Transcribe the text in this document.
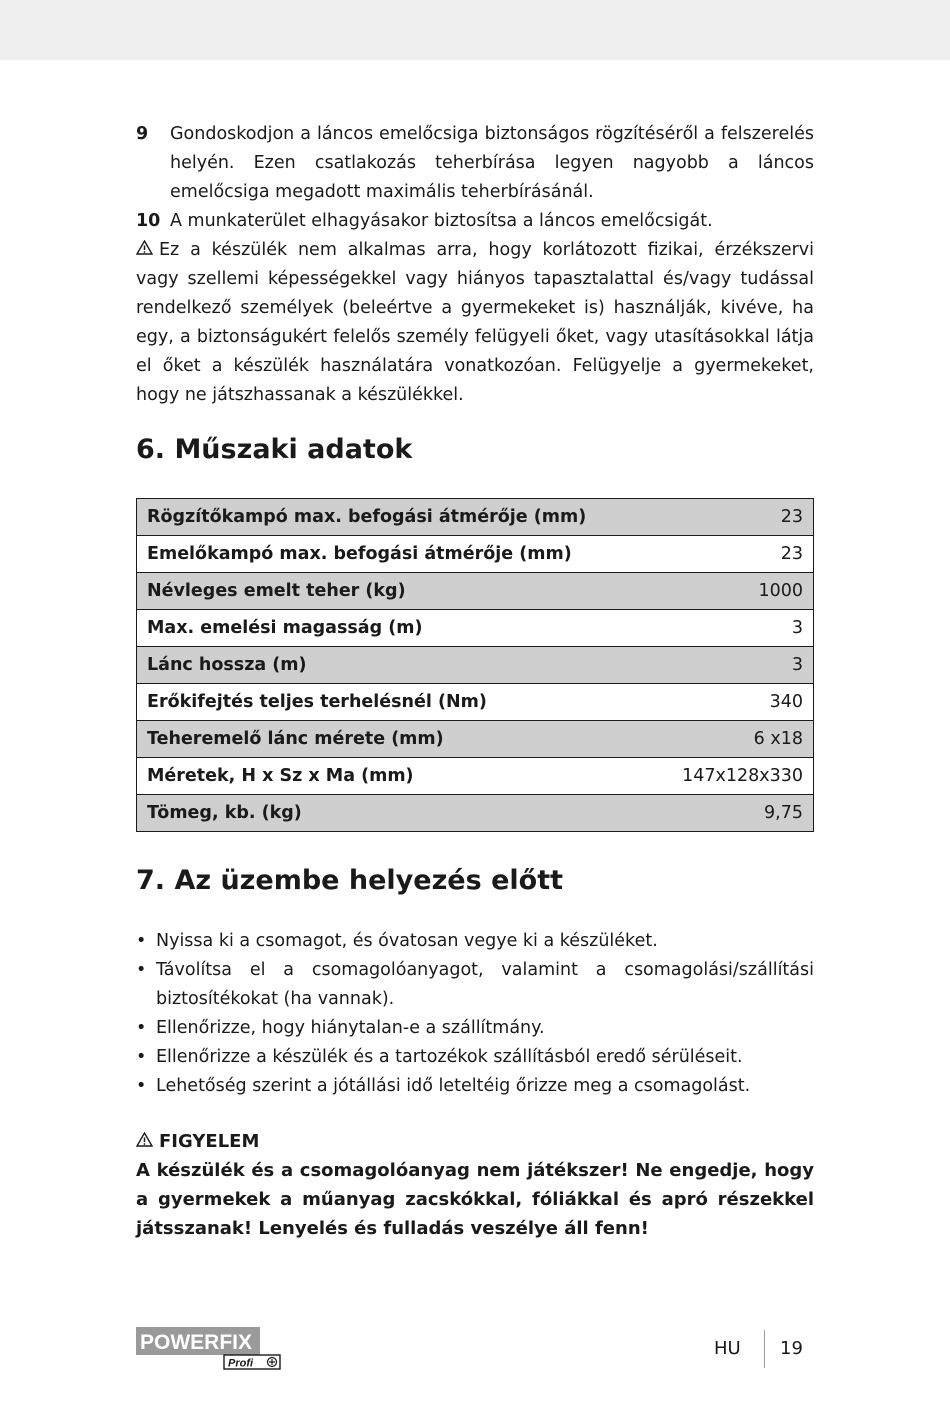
9	Gondoskodjon a láncos emelőcsiga biztonságos rögzítéséről a felszerelés helyén. Ezen csatlakozás teherbírása legyen nagyobb a láncos emelőcsiga megadott maximális teherbírásánál.
10 A munkaterület elhagyásakor biztosítsa a láncos emelőcsigát.
Ez a készülék nem alkalmas arra, hogy korlátozott fizikai, érzékszervi vagy szellemi képességekkel vagy hiányos tapasztalattal és/vagy tudással rendelkező személyek (beleértve a gyermekeket is) használják, kivéve, ha egy, a biztonságukért felelős személy felügyeli őket, vagy utasításokkal látja el őket a készülék használatára vonatkozóan. Felügyelje a gyermekeket, hogy ne játszhassanak a készülékkel.
6. Műszaki adatok
Rögzítőkampó max. befogási átmérője (mm)	23
Emelőkampó max. befogási átmérője (mm)	23
Névleges emelt teher (kg)	1000
Max. emelési magasság (m)	3
Lánc hossza (m)	3
Erőkifejtés teljes terhelésnél (Nm)	340
Teheremelő lánc mérete (mm)	6 x18
Méretek, H x Sz x Ma (mm)	147x128x330
Tömeg, kb. (kg)	9,75
7. Az üzembe helyezés előtt
• Nyissa ki a csomagot, és óvatosan vegye ki a készüléket.
• Távolítsa el a csomagolóanyagot, valamint a csomagolási/szállítási biztosítékokat (ha vannak).
• Ellenőrizze, hogy hiánytalan-e a szállítmány.
• Ellenőrizze a készülék és a tartozékok szállításból eredő sérüléseit.
• Lehetőség szerint a jótállási idő leteltéig őrizze meg a csomagolást.
FIGYELEM
A készülék és a csomagolóanyag nem játékszer! Ne engedje, hogy a gyermekek a műanyag zacskókkal, fóliákkal és apró részekkel játsszanak! Lenyelés és fulladás veszélye áll fenn!
POWERFIX
Profi
HU 19
